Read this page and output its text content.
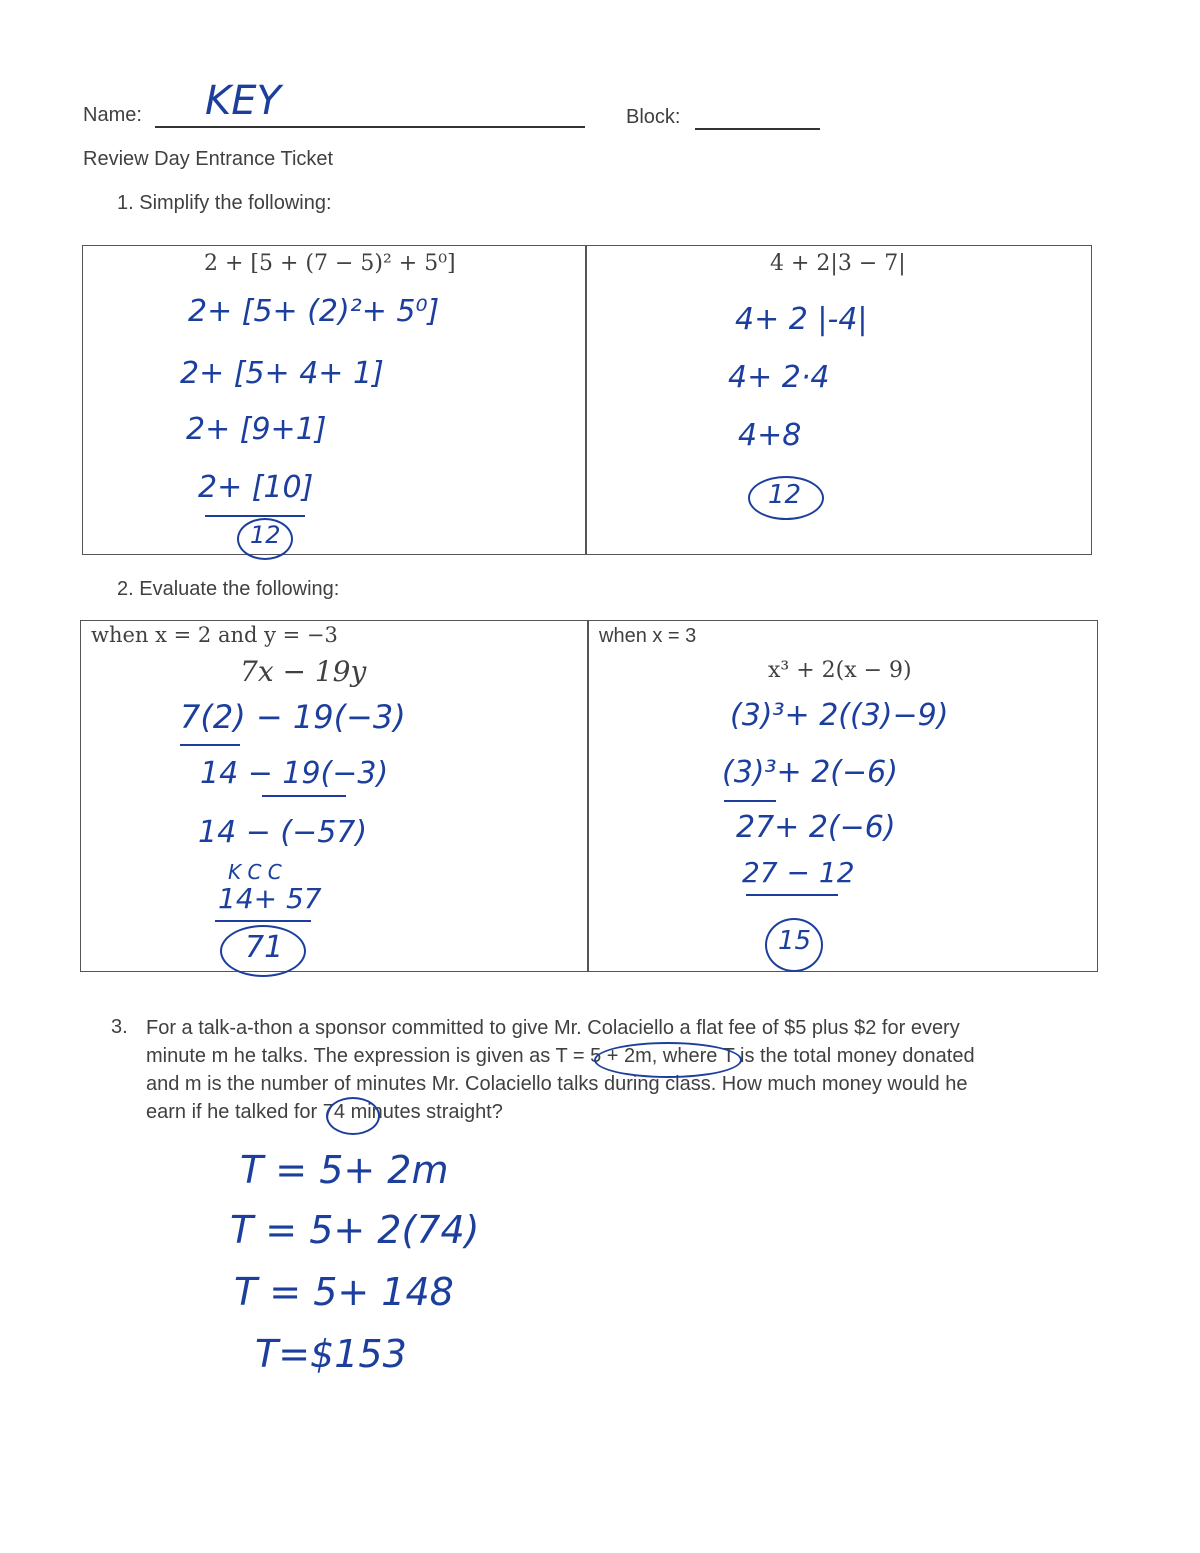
Name: KEY	Block:
Review Day Entrance Ticket
1. Simplify the following:
2 + [5 + (7 − 5)² + 5⁰]
2+ [5+ (2)²+ 5⁰]
2+ [5+ 4+ 1]
2+ [9+1]
2+ [10]
12
4 + 2|3 − 7|
4+ 2 |-4|
4+ 2·4
4+8
12
2. Evaluate the following:
when x = 2 and y = −3
7x − 19y
7(2) − 19(−3)
14 − 19(−3)
14 − (−57)
K C C
14+ 57
71
when x = 3
x³ + 2(x − 9)
(3)³+ 2((3)−9)
(3)³+ 2(−6)
27+ 2(−6)
27 − 12
15
3. For a talk-a-thon a sponsor committed to give Mr. Colaciello a flat fee of $5 plus $2 for every
minute m he talks. The expression is given as T = 5 + 2m, where T is the total money donated
and m is the number of minutes Mr. Colaciello talks during class. How much money would he
earn if he talked for 74 minutes straight?
T = 5+ 2m
T = 5+ 2(74)
T = 5+ 148
T=$153
